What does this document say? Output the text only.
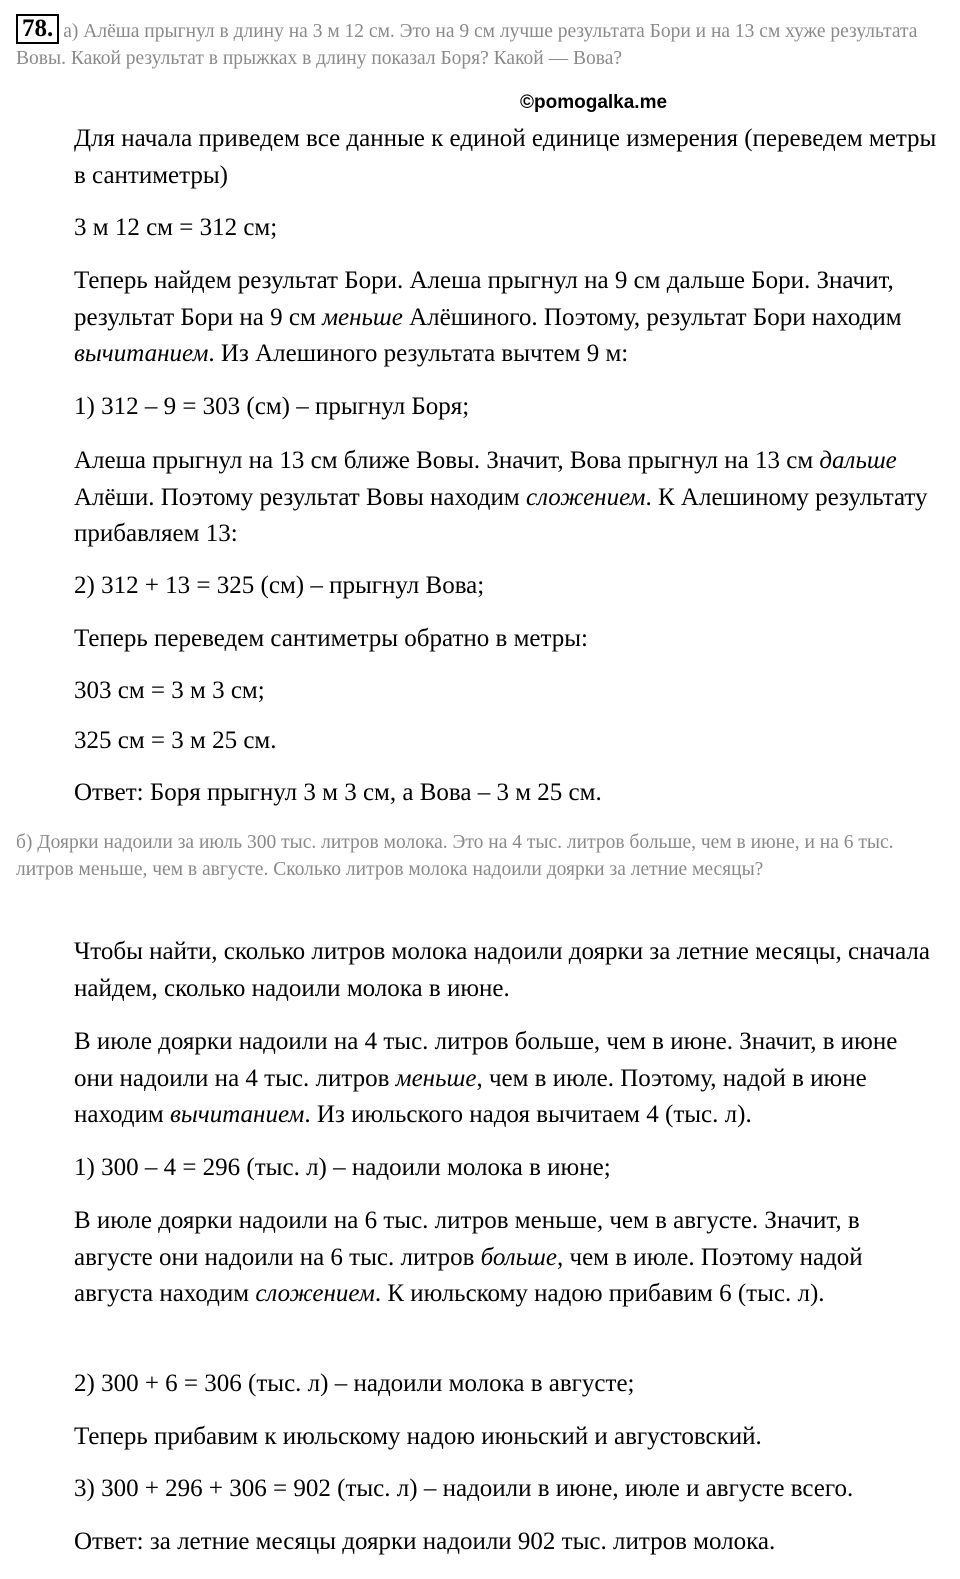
78. а) Алёша прыгнул в длину на 3 м 12 см. Это на 9 см лучше результата Бори и на 13 см хуже результата Вовы. Какой результат в прыжках в длину показал Боря? Какой — Вова?
©pomogalka.me

Для начала приведем все данные к единой единице измерения (переведем метры в сантиметры)

3 м 12 см = 312 см;

Теперь найдем результат Бори. Алеша прыгнул на 9 см дальше Бори. Значит, результат Бори на 9 см меньше Алёшиного. Поэтому, результат Бори находим вычитанием. Из Алешиного результата вычтем 9 м:

1) 312 – 9 = 303 (см) – прыгнул Боря;

Алеша прыгнул на 13 см ближе Вовы. Значит, Вова прыгнул на 13 см дальше Алёши. Поэтому результат Вовы находим сложением. К Алешиному результату прибавляем 13:

2) 312 + 13 = 325 (см) – прыгнул Вова;

Теперь переведем сантиметры обратно в метры:

303 см = 3 м 3 см;

325 см = 3 м 25 см.

Ответ: Боря прыгнул 3 м 3 см, а Вова – 3 м 25 см.

б) Доярки надоили за июль 300 тыс. литров молока. Это на 4 тыс. литров больше, чем в июне, и на 6 тыс. литров меньше, чем в августе. Сколько литров молока надоили доярки за летние месяцы?

Чтобы найти, сколько литров молока надоили доярки за летние месяцы, сначала найдем, сколько надоили молока в июне.

В июле доярки надоили на 4 тыс. литров больше, чем в июне. Значит, в июне они надоили на 4 тыс. литров меньше, чем в июле. Поэтому, надой в июне находим вычитанием. Из июльского надоя вычитаем 4 (тыс. л).

1) 300 – 4 = 296 (тыс. л) – надоили молока в июне;

В июле доярки надоили на 6 тыс. литров меньше, чем в августе. Значит, в августе они надоили на 6 тыс. литров больше, чем в июле. Поэтому надой августа находим сложением. К июльскому надою прибавим 6 (тыс. л).

2) 300 + 6 = 306 (тыс. л) – надоили молока в августе;

Теперь прибавим к июльскому надою июньский и августовский.

3) 300 + 296 + 306 = 902 (тыс. л) – надоили в июне, июле и августе всего.

Ответ: за летние месяцы доярки надоили 902 тыс. литров молока.
